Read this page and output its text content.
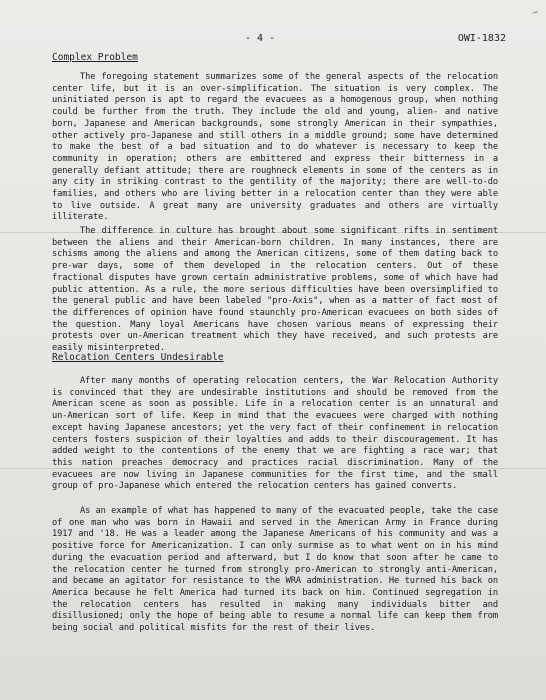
~
- 4 -	OWI-1832
Complex Problem

The foregoing statement summarizes some of the general aspects of the relocation center life, but it is an over-simplification. The situation is very complex. The uninitiated person is apt to regard the evacuees as a homogenous group, when nothing could be further from the truth. They include the old and young, alien- and native born, Japanese and American backgrounds, some strongly American in their sympathies, other actively pro-Japanese and still others in a middle ground; some have determined to make the best of a bad situation and to do whatever is necessary to keep the community in operation; others are embittered and express their bitterness in a generally defiant attitude; there are roughneck elements in some of the centers as in any city in striking contrast to the gentility of the majority; there are well-to-do families, and others who are living better in a relocation center than they were able to live outside. A great many are university graduates and others are virtually illiterate.

The difference in culture has brought about some significant rifts in sentiment between the aliens and their American-born children. In many instances, there are schisms among the aliens and among the American citizens, some of them dating back to pre-war days, some of them developed in the relocation centers. Out of these fractional disputes have grown certain administrative problems, some of which have had public attention. As a rule, the more serious difficulties have been oversimplified to the general public and have been labeled "pro-Axis", when as a matter of fact most of the differences of opinion have found staunchly pro-American evacuees on both sides of the question. Many loyal Americans have chosen various means of expressing their protests over un-American treatment which they have received, and such protests are easily misinterpreted.

Relocation Centers Undesirable

After many months of operating relocation centers, the War Relocation Authority is convinced that they are undesirable institutions and should be removed from the American scene as soon as possible. Life in a relocation center is an unnatural and un-American sort of life. Keep in mind that the evacuees were charged with nothing except having Japanese ancestors; yet the very fact of their confinement in relocation centers fosters suspicion of their loyalties and adds to their discouragement. It has added weight to the contentions of the enemy that we are fighting a race war; that this nation preaches democracy and practices racial discrimination. Many of the evacuees are now living in Japanese communities for the first time, and the small group of pro-Japanese which entered the relocation centers has gained converts.

As an example of what has happened to many of the evacuated people, take the case of one man who was born in Hawaii and served in the American Army in France during 1917 and '18. He was a leader among the Japanese Americans of his community and was a positive force for Americanization. I can only surmise as to what went on in his mind during the evacuation period and afterward, but I do know that soon after he came to the relocation center he turned from strongly pro-American to strongly anti-American, and became an agitator for resistance to the WRA administration. He turned his back on America because he felt America had turned its back on him. Continued segregation in the relocation centers has resulted in making many individuals bitter and disillusioned; only the hope of being able to resume a normal life can keep them from being social and political misfits for the rest of their lives.
